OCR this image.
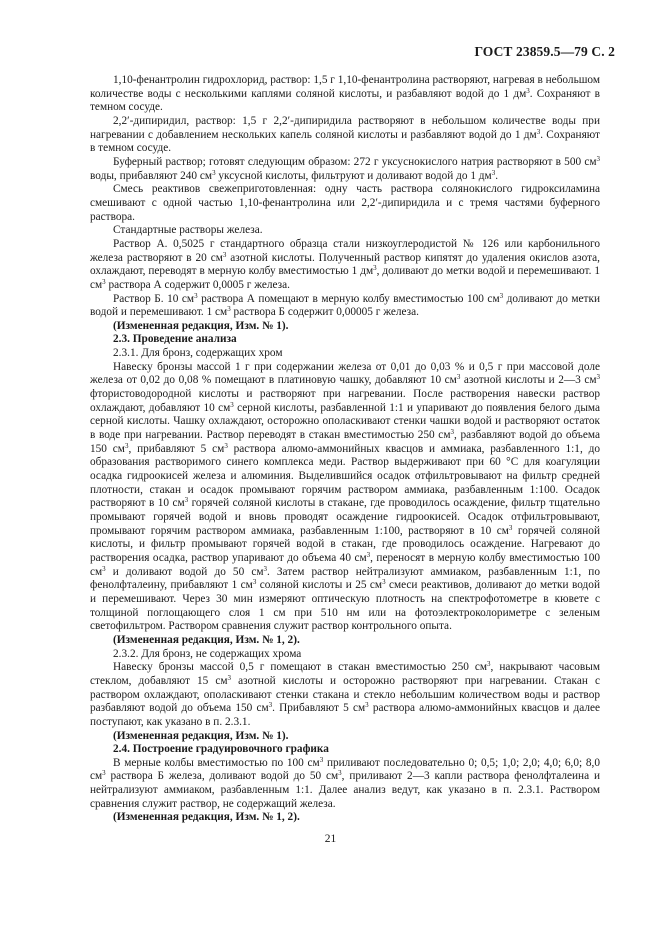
ГОСТ 23859.5—79 С. 2

1,10-фенантролин гидрохлорид, раствор: 1,5 г 1,10-фенантролина растворяют, нагревая в небольшом количестве воды с несколькими каплями соляной кислоты, и разбавляют водой до 1 $дм^3$. Сохраняют в темном сосуде.

2,2′-дипиридил, раствор: 1,5 г 2,2′-дипиридила растворяют в небольшом количестве воды при нагревании с добавлением нескольких капель соляной кислоты и разбавляют водой до 1 $дм^3$. Сохраняют в темном сосуде.

Буферный раствор; готовят следующим образом: 272 г уксуснокислого натрия растворяют в 500 $см^3$ воды, прибавляют 240 $см^3$ уксусной кислоты, фильтруют и доливают водой до 1 $дм^3$.

Смесь реактивов свежеприготовленная: одну часть раствора солянокислого гидроксиламина смешивают с одной частью 1,10-фенантролина или 2,2′-дипиридила и с тремя частями буферного раствора.

Стандартные растворы железа.

Раствор А. 0,5025 г стандартного образца стали низкоуглеродистой № 126 или карбонильного железа растворяют в 20 $см^3$ азотной кислоты. Полученный раствор кипятят до удаления окислов азота, охлаждают, переводят в мерную колбу вместимостью 1 $дм^3$, доливают до метки водой и перемешивают. 1 $см^3$ раствора А содержит 0,0005 г железа.

Раствор Б. 10 $см^3$ раствора А помещают в мерную колбу вместимостью 100 $см^3$ доливают до метки водой и перемешивают. 1 $см^3$ раствора Б содержит 0,00005 г железа.

(Измененная редакция, Изм. № 1).

2.3. Проведение анализа

2.3.1. Для бронз, содержащих хром

Навеску бронзы массой 1 г при содержании железа от 0,01 до 0,03 % и 0,5 г при массовой доле железа от 0,02 до 0,08 % помещают в платиновую чашку, добавляют 10 $см^3$ азотной кислоты и 2—3 $см^3$ фтористоводородной кислоты и растворяют при нагревании. После растворения навески раствор охлаждают, добавляют 10 $см^3$ серной кислоты, разбавленной 1:1 и упаривают до появления белого дыма серной кислоты. Чашку охлаждают, осторожно ополаскивают стенки чашки водой и растворяют остаток в воде при нагревании. Раствор переводят в стакан вместимостью 250 $см^3$, разбавляют водой до объема 150 $см^3$, прибавляют 5 $см^3$ раствора алюмо-аммонийных квасцов и аммиака, разбавленного 1:1, до образования растворимого синего комплекса меди. Раствор выдерживают при 60 °С для коагуляции осадка гидроокисей железа и алюминия. Выделившийся осадок отфильтровывают на фильтр средней плотности, стакан и осадок промывают горячим раствором аммиака, разбавленным 1:100. Осадок растворяют в 10 $см^3$ горячей соляной кислоты в стакане, где проводилось осаждение, фильтр тщательно промывают горячей водой и вновь проводят осаждение гидроокисей. Осадок отфильтровывают, промывают горячим раствором аммиака, разбавленным 1:100, растворяют в 10 $см^3$ горячей соляной кислоты, и фильтр промывают горячей водой в стакан, где проводилось осаждение. Нагревают до растворения осадка, раствор упаривают до объема 40 $см^3$, переносят в мерную колбу вместимостью 100 $см^3$ и доливают водой до 50 $см^3$. Затем раствор нейтрализуют аммиаком, разбавленным 1:1, по фенолфталеину, прибавляют 1 $см^3$ соляной кислоты и 25 $см^3$ смеси реактивов, доливают до метки водой и перемешивают. Через 30 мин измеряют оптическую плотность на спектрофотометре в кювете с толщиной поглощающего слоя 1 см при 510 нм или на фотоэлектроколориметре с зеленым светофильтром. Раствором сравнения служит раствор контрольного опыта.

(Измененная редакция, Изм. № 1, 2).

2.3.2. Для бронз, не содержащих хрома

Навеску бронзы массой 0,5 г помещают в стакан вместимостью 250 $см^3$, накрывают часовым стеклом, добавляют 15 $см^3$ азотной кислоты и осторожно растворяют при нагревании. Стакан с раствором охлаждают, ополаскивают стенки стакана и стекло небольшим количеством воды и раствор разбавляют водой до объема 150 $см^3$. Прибавляют 5 $см^3$ раствора алюмо-аммонийных квасцов и далее поступают, как указано в п. 2.3.1.

(Измененная редакция, Изм. № 1).

2.4. Построение градуировочного графика

В мерные колбы вместимостью по 100 $см^3$ приливают последовательно 0; 0,5; 1,0; 2,0; 4,0; 6,0; 8,0 $см^3$ раствора Б железа, доливают водой до 50 $см^3$, приливают 2—3 капли раствора фенолфталеина и нейтрализуют аммиаком, разбавленным 1:1. Далее анализ ведут, как указано в п. 2.3.1. Раствором сравнения служит раствор, не содержащий железа.

(Измененная редакция, Изм. № 1, 2).

21
